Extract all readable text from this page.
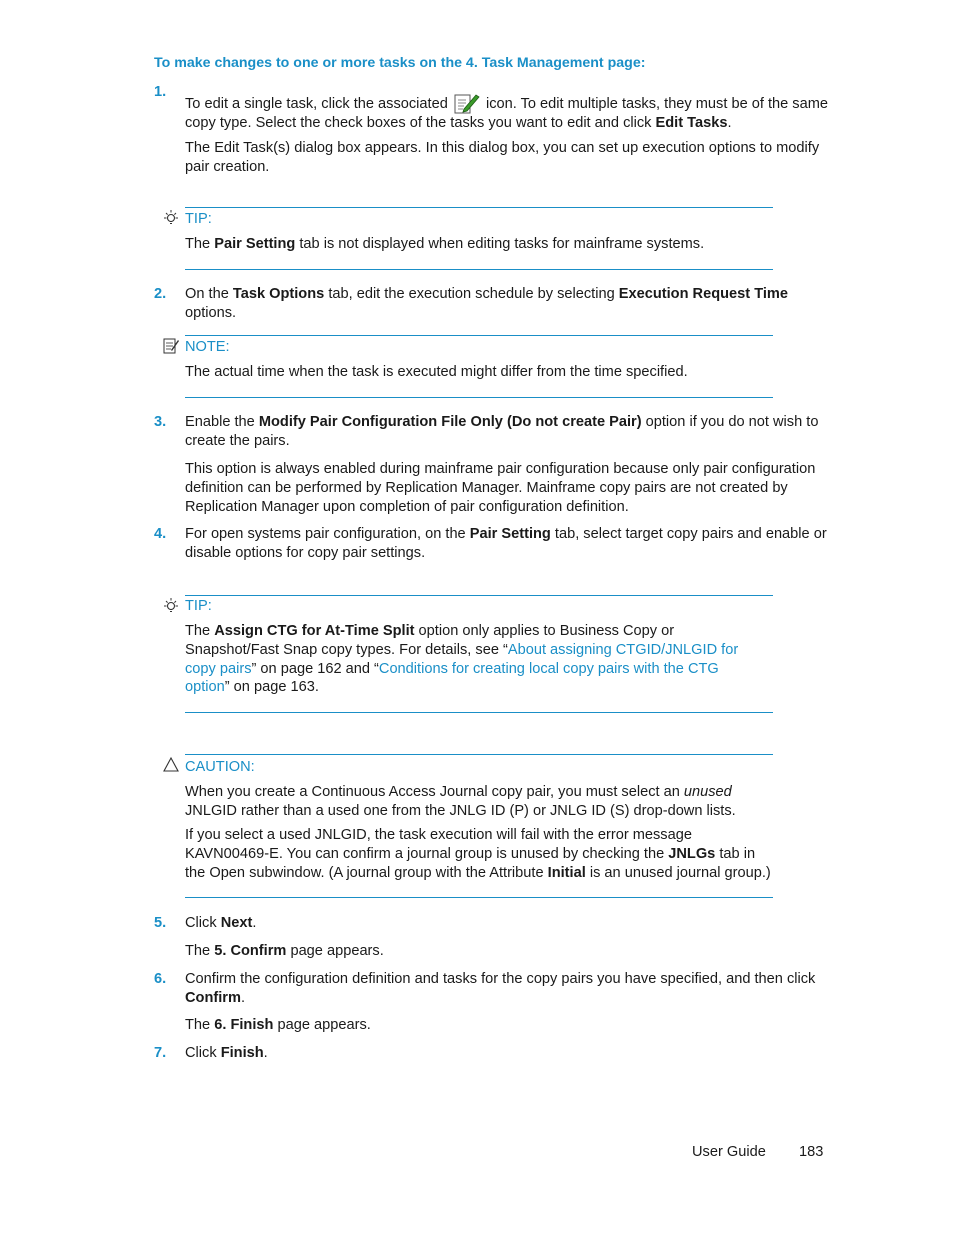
To make changes to one or more tasks on the 4. Task Management page:
1.
To edit a single task, click the associated	icon. To edit multiple tasks, they must be of the same copy type. Select the check boxes of the tasks you want to edit and click Edit Tasks.
The Edit Task(s) dialog box appears. In this dialog box, you can set up execution options to modify pair creation.
TIP:
The Pair Setting tab is not displayed when editing tasks for mainframe systems.
2. On the Task Options tab, edit the execution schedule by selecting Execution Request Time options.
NOTE:
The actual time when the task is executed might differ from the time specified.
3. Enable the Modify Pair Configuration File Only (Do not create Pair) option if you do not wish to create the pairs.
This option is always enabled during mainframe pair configuration because only pair configuration definition can be performed by Replication Manager. Mainframe copy pairs are not created by Replication Manager upon completion of pair configuration definition.
4. For open systems pair configuration, on the Pair Setting tab, select target copy pairs and enable or disable options for copy pair settings.
TIP:
The Assign CTG for At-Time Split option only applies to Business Copy or Snapshot/Fast Snap copy types. For details, see “About assigning CTGID/JNLGID for copy pairs” on page 162 and “Conditions for creating local copy pairs with the CTG option” on page 163.
CAUTION:
When you create a Continuous Access Journal copy pair, you must select an unused JNLGID rather than a used one from the JNLG ID (P) or JNLG ID (S) drop-down lists.
If you select a used JNLGID, the task execution will fail with the error message KAVN00469-E. You can confirm a journal group is unused by checking the JNLGs tab in the Open subwindow. (A journal group with the Attribute Initial is an unused journal group.)
5. Click Next.
The 5. Confirm page appears.
6. Confirm the configuration definition and tasks for the copy pairs you have specified, and then click Confirm.
The 6. Finish page appears.
7. Click Finish.
User Guide 183
